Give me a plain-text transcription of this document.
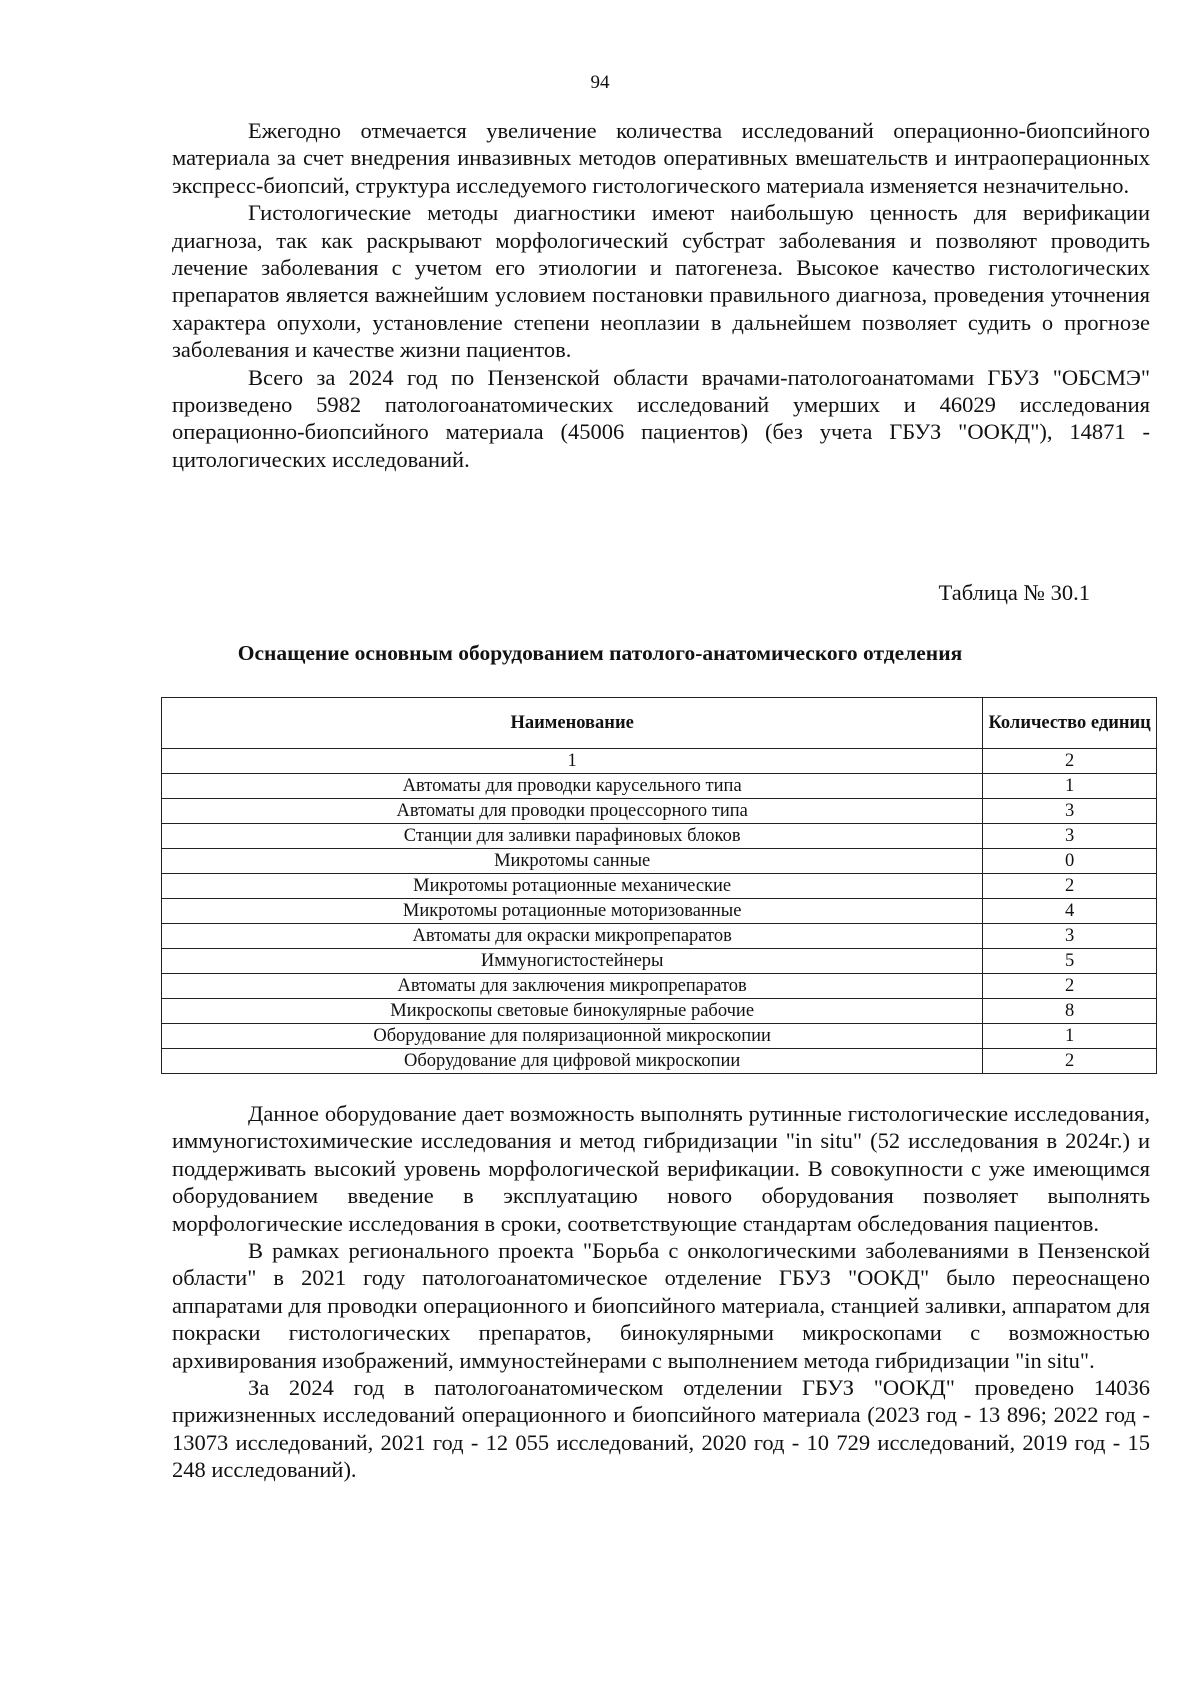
94

Ежегодно отмечается увеличение количества исследований операционно-биопсийного материала за счет внедрения инвазивных методов оперативных вмешательств и интраоперационных экспресс-биопсий, структура исследуемого гистологического материала изменяется незначительно.

Гистологические методы диагностики имеют наибольшую ценность для верификации диагноза, так как раскрывают морфологический субстрат заболевания и позволяют проводить лечение заболевания с учетом его этиологии и патогенеза. Высокое качество гистологических препаратов является важнейшим условием постановки правильного диагноза, проведения уточнения характера опухоли, установление степени неоплазии в дальнейшем позволяет судить о прогнозе заболевания и качестве жизни пациентов.

Всего за 2024 год по Пензенской области врачами-патологоанатомами ГБУЗ "ОБСМЭ" произведено 5982 патологоанатомических исследований умерших и 46029 исследования операционно-биопсийного материала (45006 пациентов) (без учета ГБУЗ "ООКД"), 14871 - цитологических исследований.

Таблица № 30.1
Оснащение основным оборудованием патолого-анатомического отделения
Наименование	Количество единиц
1	2
Автоматы для проводки карусельного типа	1
Автоматы для проводки процессорного типа	3
Станции для заливки парафиновых блоков	3
Микротомы санные	0
Микротомы ротационные механические	2
Микротомы ротационные моторизованные	4
Автоматы для окраски микропрепаратов	3
Иммуногистостейнеры	5
Автоматы для заключения микропрепаратов	2
Микроскопы световые бинокулярные рабочие	8
Оборудование для поляризационной микроскопии	1
Оборудование для цифровой микроскопии	2

Данное оборудование дает возможность выполнять рутинные гистологические исследования, иммуногистохимические исследования и метод гибридизации "in situ" (52 исследования в 2024г.) и поддерживать высокий уровень морфологической верификации. В совокупности с уже имеющимся оборудованием введение в эксплуатацию нового оборудования позволяет выполнять морфологические исследования в сроки, соответствующие стандартам обследования пациентов.

В рамках регионального проекта "Борьба с онкологическими заболеваниями в Пензенской области" в 2021 году патологоанатомическое отделение ГБУЗ "ООКД" было переоснащено аппаратами для проводки операционного и биопсийного материала, станцией заливки, аппаратом для покраски гистологических препаратов, бинокулярными микроскопами с возможностью архивирования изображений, иммуностейнерами с выполнением метода гибридизации "in situ".

За 2024 год в патологоанатомическом отделении ГБУЗ "ООКД" проведено 14036 прижизненных исследований операционного и биопсийного материала (2023 год - 13 896; 2022 год - 13073 исследований, 2021 год - 12 055 исследований, 2020 год - 10 729 исследований, 2019 год - 15 248 исследований).
